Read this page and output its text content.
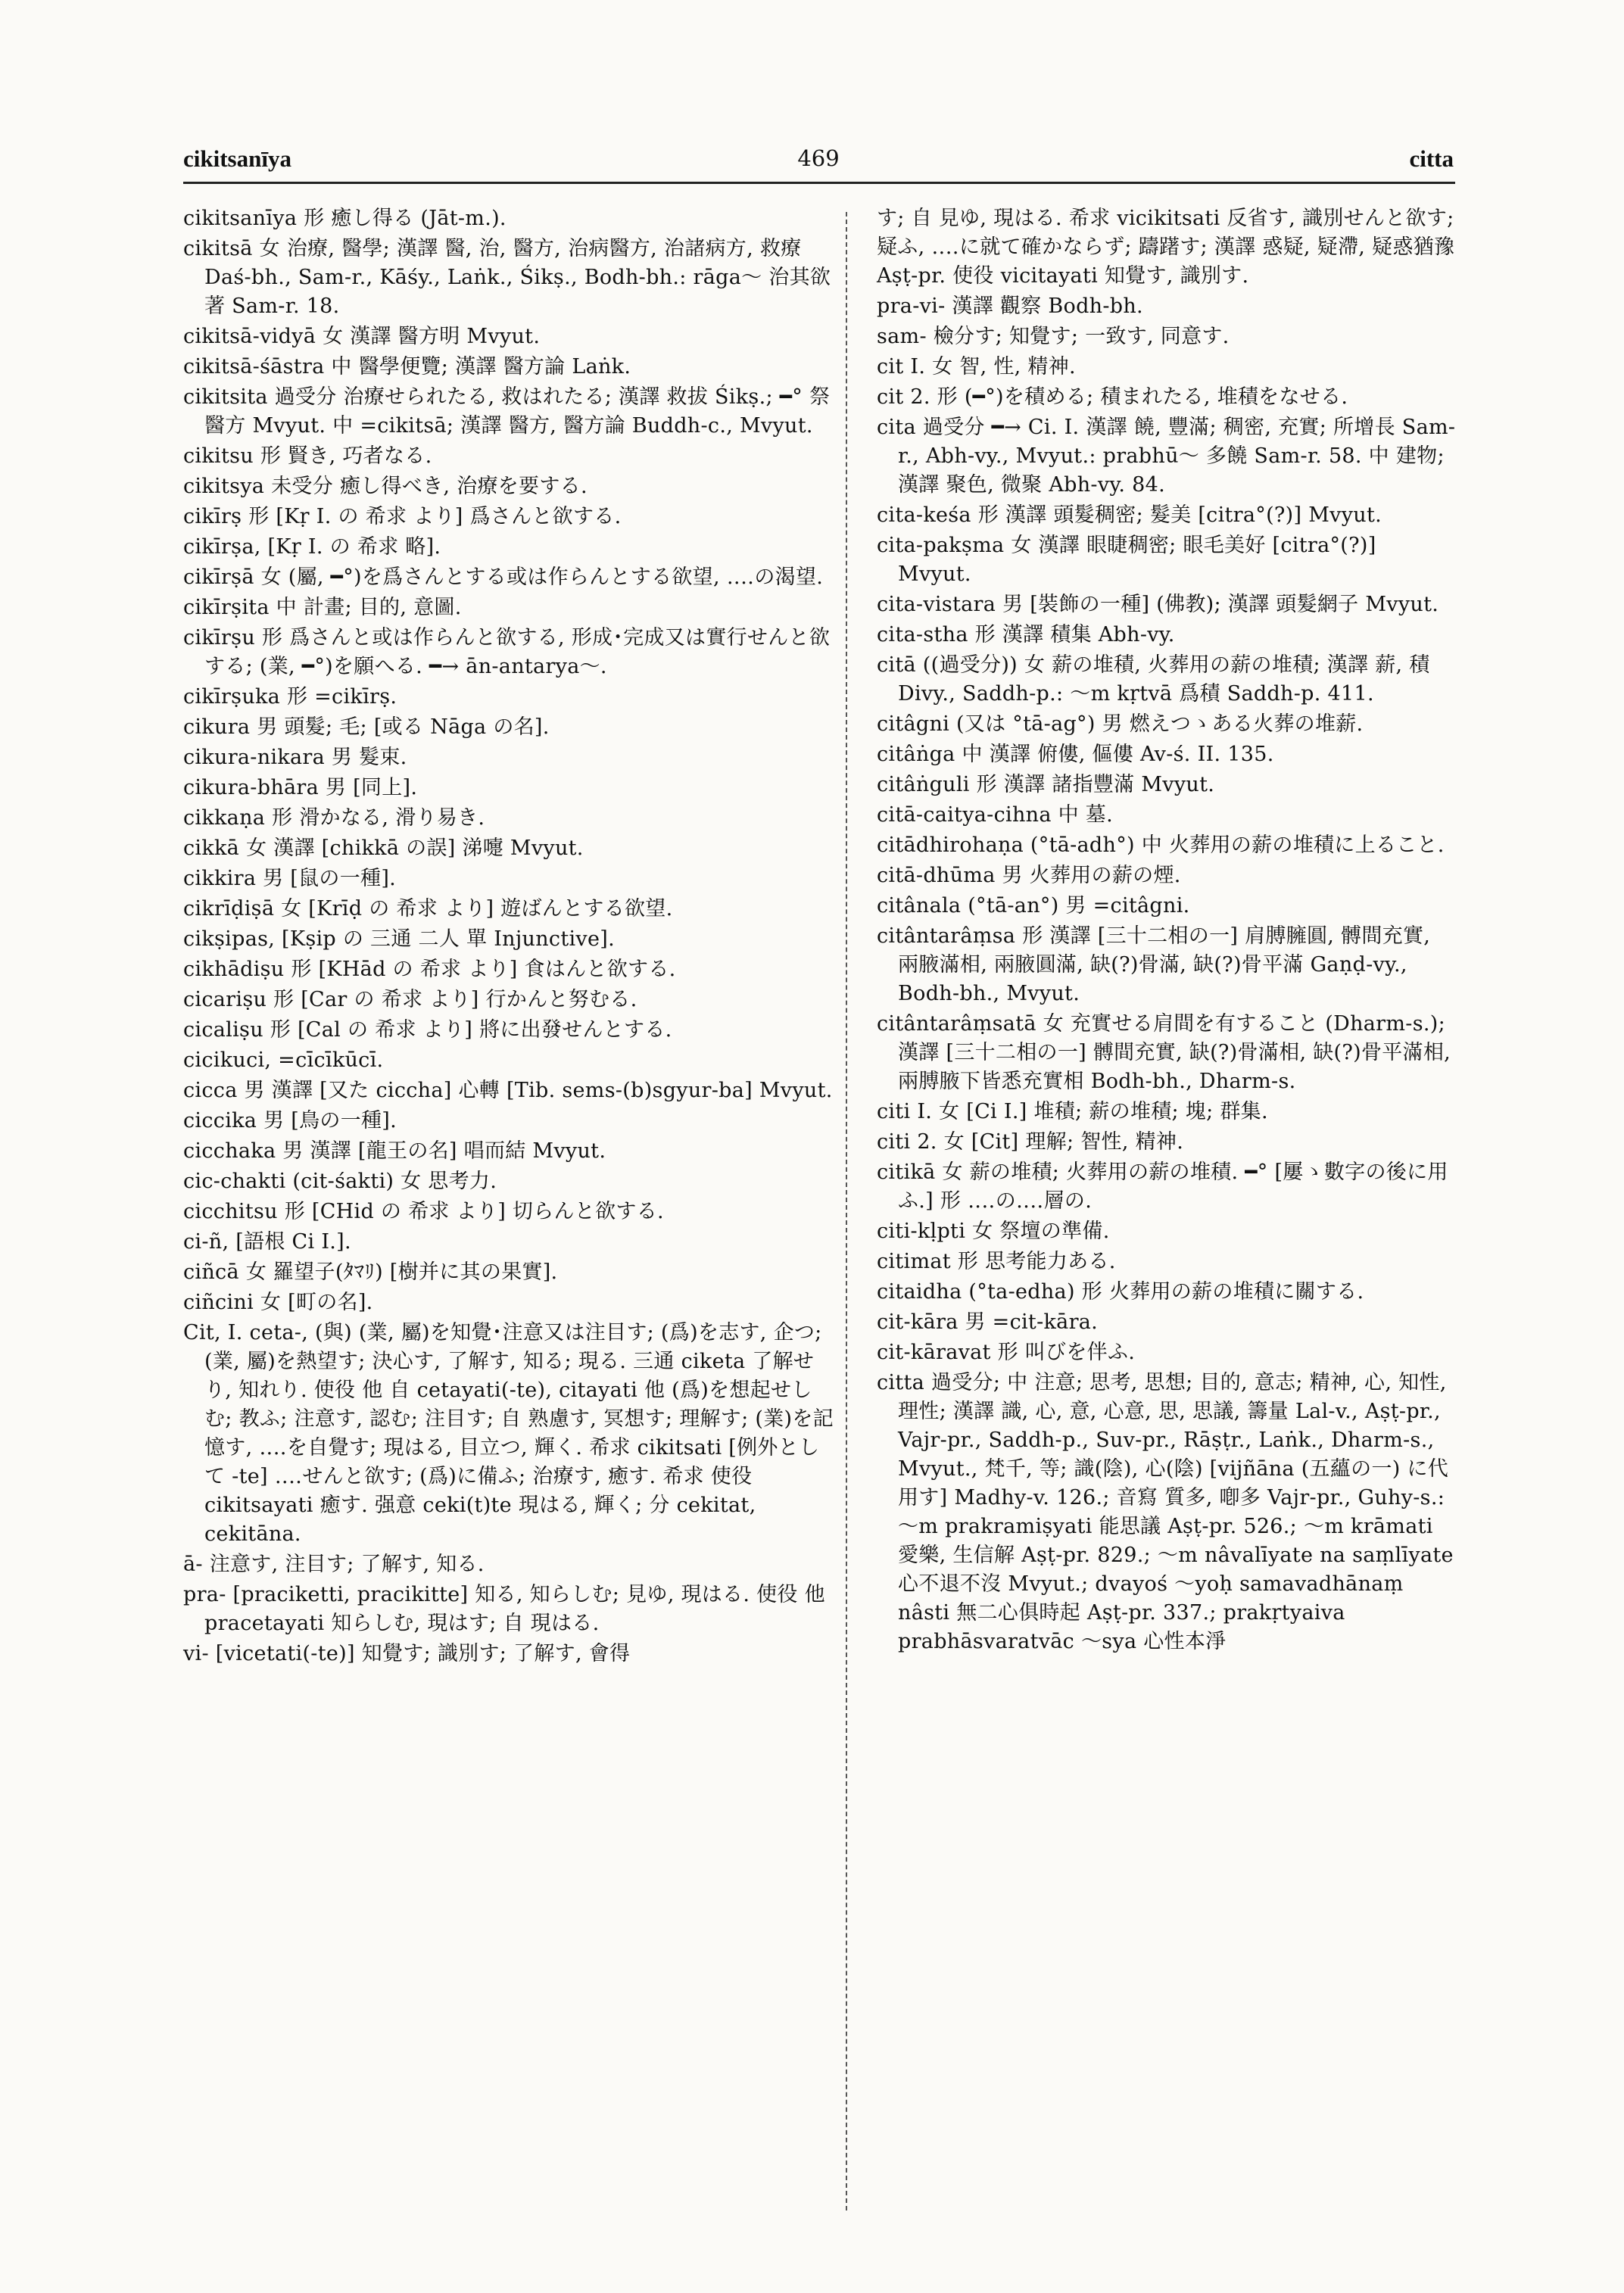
cikitsanīya	469	citta
cikitsanīya 形 癒し得る (Jāt-m.).
cikitsā 女 治療, 醫學; 漢譯 醫, 治, 醫方, 治病醫方, 治諸病方, 救療 Daś-bh., Sam-r., Kāśy., Laṅk., Śikṣ., Bodh-bh.: rāga〜 治其欲著 Sam-r. 18.
cikitsā-vidyā 女 漢譯 醫方明 Mvyut.
cikitsā-śāstra 中 醫學便覽; 漢譯 醫方論 Laṅk.
cikitsita 過受分 治療せられたる, 救はれたる; 漢譯 救拔 Śikṣ.; ━° 祭醫方 Mvyut. 中 =cikitsā; 漢譯 醫方, 醫方論 Buddh-c., Mvyut.
cikitsu 形 賢き, 巧者なる.
cikitsya 未受分 癒し得べき, 治療を要する.
cikīrṣ 形 [Kṛ I. の 希求 より] 爲さんと欲する.
cikīrṣa, [Kṛ I. の 希求 略].
cikīrṣā 女 (屬, ━°)を爲さんとする或は作らんとする欲望, ‥‥の渴望.
cikīrṣita 中 計畫; 目的, 意圖.
cikīrṣu 形 爲さんと或は作らんと欲する, 形成･完成又は實行せんと欲する; (業, ━°)を願へる. ━→ ān-antarya〜.
cikīrṣuka 形 =cikīrṣ.
cikura 男 頭髮; 毛; [或る Nāga の名].
cikura-nikara 男 髮束.
cikura-bhāra 男 [同上].
cikkaṇa 形 滑かなる, 滑り易き.
cikkā 女 漢譯 [chikkā の誤] 涕嚏 Mvyut.
cikkira 男 [鼠の一種].
cikrīḍiṣā 女 [Krīḍ の 希求 より] 遊ばんとする欲望.
cikṣipas, [Kṣip の 三通 二人 單 Injunctive].
cikhādiṣu 形 [KHād の 希求 より] 食はんと欲する.
cicariṣu 形 [Car の 希求 より] 行かんと努むる.
cicaliṣu 形 [Cal の 希求 より] 將に出發せんとする.
cicikuci, =cīcīkūcī.
cicca 男 漢譯 [又た ciccha] 心轉 [Tib. sems-(b)sgyur-ba] Mvyut.
ciccika 男 [鳥の一種].
cicchaka 男 漢譯 [龍王の名] 唱而結 Mvyut.
cic-chakti (cit-śakti) 女 思考力.
cicchitsu 形 [CHid の 希求 より] 切らんと欲する.
ci-ñ, [語根 Ci I.].
ciñcā 女 羅望子(ﾀﾏﾘ) [樹并に其の果實].
ciñcini 女 [町の名].
Cit, I. ceta-, (與) (業, 屬)を知覺･注意又は注目す; (爲)を志す, 企つ; (業, 屬)を熱望す; 決心す, 了解す, 知る; 現る. 三通 ciketa 了解せり, 知れり. 使役 他 自 cetayati(-te), citayati 他 (爲)を想起せしむ; 教ふ; 注意す, 認む; 注目す; 自 熟慮す, 冥想す; 理解す; (業)を記憶す, ‥‥を自覺す; 現はる, 目立つ, 輝く. 希求 cikitsati [例外として -te] ‥‥せんと欲す; (爲)に備ふ; 治療す, 癒す. 希求 使役 cikitsayati 癒す. 强意 ceki(t)te 現はる, 輝く; 分 cekitat, cekitāna.
ā- 注意す, 注目す; 了解す, 知る.
pra- [praciketti, pracikitte] 知る, 知らしむ; 見ゆ, 現はる. 使役 他 pracetayati 知らしむ, 現はす; 自 現はる.
vi- [vicetati(-te)] 知覺す; 識別す; 了解す, 會得
す; 自 見ゆ, 現はる. 希求 vicikitsati 反省す, 識別せんと欲す; 疑ふ, ‥‥に就て確かならず; 躊躇す; 漢譯 惑疑, 疑滯, 疑惑猶豫 Aṣṭ-pr. 使役 vicitayati 知覺す, 識別す.
pra-vi- 漢譯 觀察 Bodh-bh.
sam- 檢分す; 知覺す; 一致す, 同意す.
cit I. 女 智, 性, 精神.
cit 2. 形 (━°)を積める; 積まれたる, 堆積をなせる.
cita 過受分 ━→ Ci. I. 漢譯 饒, 豐滿; 稠密, 充實; 所增長 Sam-r., Abh-vy., Mvyut.: prabhū〜 多饒 Sam-r. 58. 中 建物; 漢譯 聚色, 微聚 Abh-vy. 84.
cita-keśa 形 漢譯 頭髮稠密; 髮美 [citra°(?)] Mvyut.
cita-pakṣma 女 漢譯 眼睫稠密; 眼毛美好 [citra°(?)] Mvyut.
cita-vistara 男 [裝飾の一種] (佛教); 漢譯 頭髮網子 Mvyut.
cita-stha 形 漢譯 積集 Abh-vy.
citā ((過受分)) 女 薪の堆積, 火葬用の薪の堆積; 漢譯 薪, 積 Divy., Saddh-p.: 〜m kṛtvā 爲積 Saddh-p. 411.
citâgni (又は °tā-ag°) 男 燃えつゝある火葬の堆薪.
citâṅga 中 漢譯 俯僂, 傴僂 Av-ś. II. 135.
citâṅguli 形 漢譯 諸指豐滿 Mvyut.
citā-caitya-cihna 中 墓.
citādhirohaṇa (°tā-adh°) 中 火葬用の薪の堆積に上ること.
citā-dhūma 男 火葬用の薪の煙.
citânala (°tā-an°) 男 =citâgni.
citântarâṃsa 形 漢譯 [三十二相の一] 肩膊臃圓, 髆間充實, 兩腋滿相, 兩腋圓滿, 缺(?)骨滿, 缺(?)骨平滿 Gaṇḍ-vy., Bodh-bh., Mvyut.
citântarâṃsatā 女 充實せる肩間を有すること (Dharm-s.); 漢譯 [三十二相の一] 髆間充實, 缺(?)骨滿相, 缺(?)骨平滿相, 兩膊腋下皆悉充實相 Bodh-bh., Dharm-s.
citi I. 女 [Ci I.] 堆積; 薪の堆積; 塊; 群集.
citi 2. 女 [Cit] 理解; 智性, 精神.
citikā 女 薪の堆積; 火葬用の薪の堆積. ━° [屢ゝ數字の後に用ふ.] 形 ‥‥の‥‥層の.
citi-kḷpti 女 祭壇の準備.
citimat 形 思考能力ある.
citaidha (°ta-edha) 形 火葬用の薪の堆積に關する.
cit-kāra 男 =cit-kāra.
cit-kāravat 形 叫びを伴ふ.
citta 過受分; 中 注意; 思考, 思想; 目的, 意志; 精神, 心, 知性, 理性; 漢譯 識, 心, 意, 心意, 思, 思議, 籌量 Lal-v., Aṣṭ-pr., Vajr-pr., Saddh-p., Suv-pr., Rāṣṭr., Laṅk., Dharm-s., Mvyut., 梵千, 等; 識(陰), 心(陰) [vijñāna (五蘊の一) に代用す] Madhy-v. 126.; 音寫 質多, 喞多 Vajr-pr., Guhy-s.: 〜m prakramiṣyati 能思議 Aṣṭ-pr. 526.; 〜m krāmati 愛樂, 生信解 Aṣṭ-pr. 829.; 〜m nâvalīyate na saṃlīyate 心不退不沒 Mvyut.; dvayoś 〜yoḥ samavadhānaṃ nâsti 無二心俱時起 Aṣṭ-pr. 337.; prakṛtyaiva prabhāsvaratvāc 〜sya 心性本淨
